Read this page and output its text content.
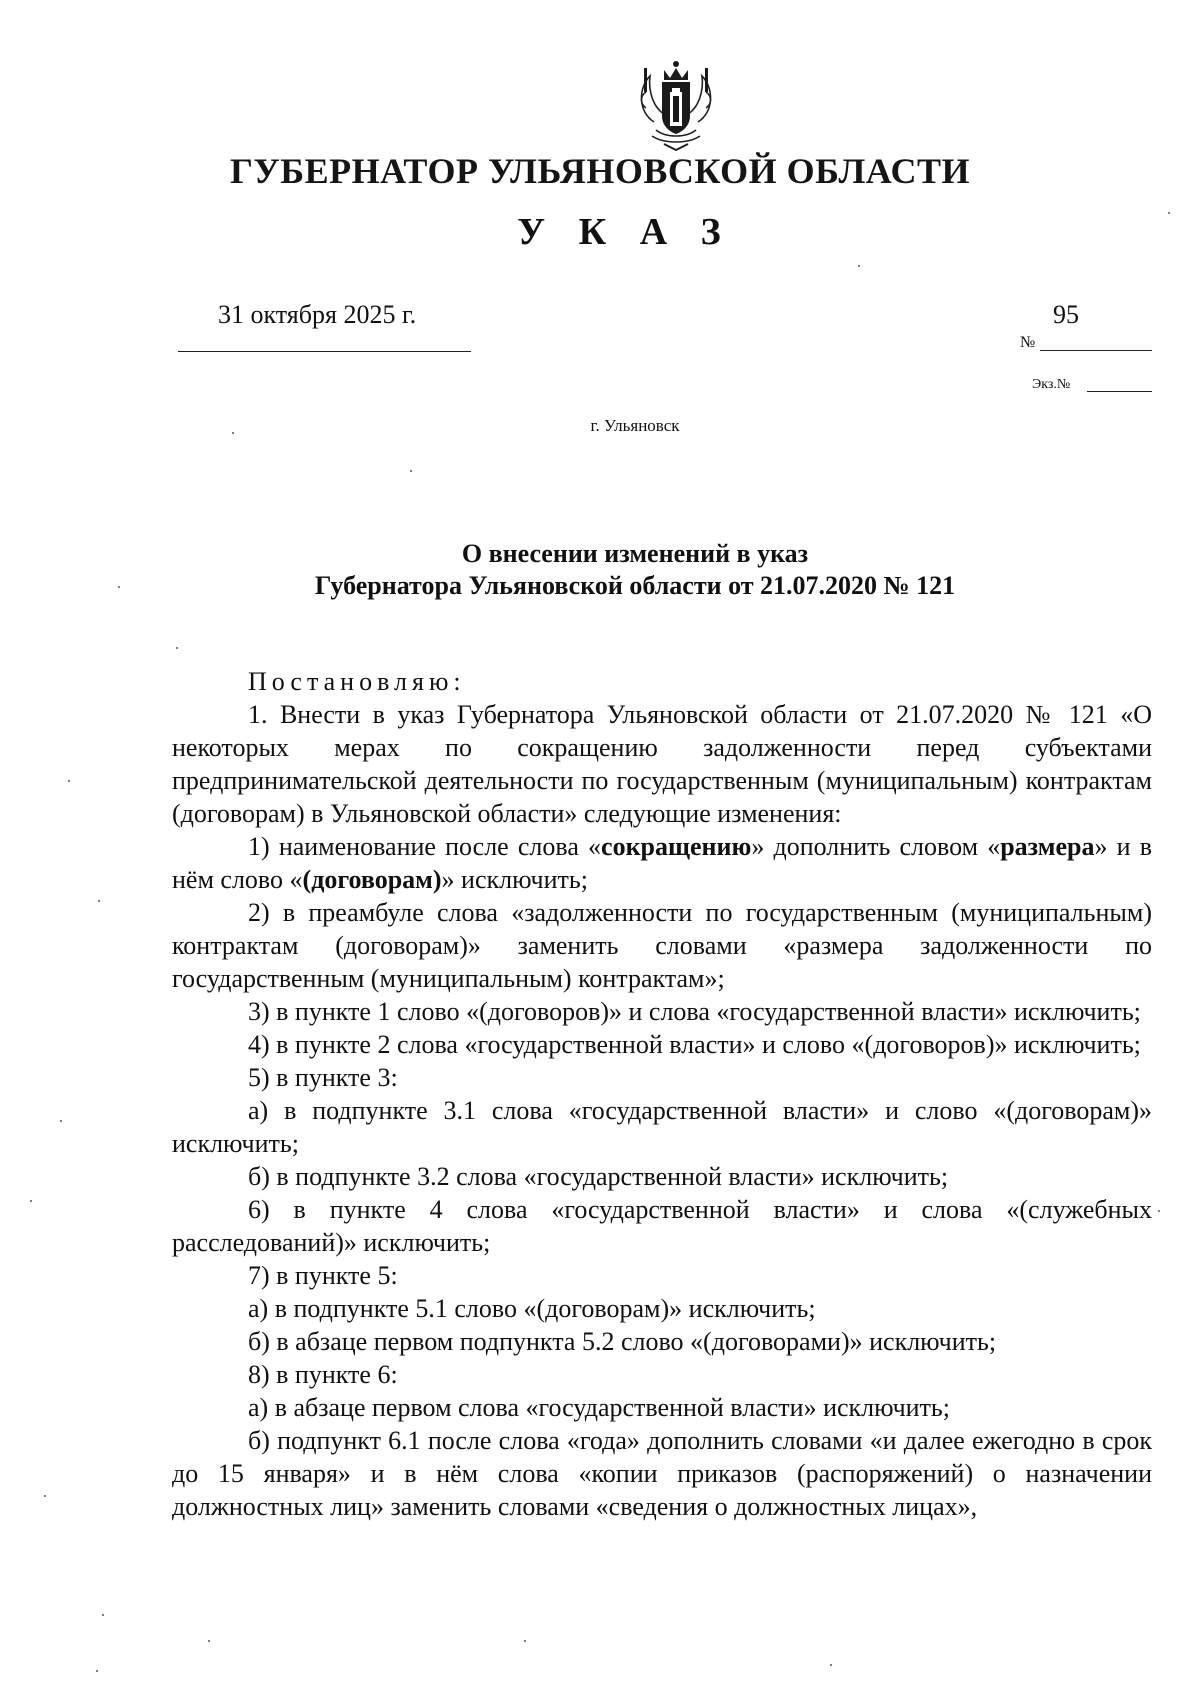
ГУБЕРНАТОР УЛЬЯНОВСКОЙ ОБЛАСТИ
У К А З
31 октября 2025 г.	95
№
Экз.№
г. Ульяновск
О внесении изменений в указ
Губернатора Ульяновской области от 21.07.2020 № 121

Постановляю:

1. Внести в указ Губернатора Ульяновской области от 21.07.2020 № 121 «О некоторых мерах по сокращению задолженности перед субъектами предпринимательской деятельности по государственным (муниципальным) контрактам (договорам) в Ульяновской области» следующие изменения:

1) наименование после слова «сокращению» дополнить словом «размера» и в нём слово «(договорам)» исключить;

2) в преамбуле слова «задолженности по государственным (муниципальным) контрактам (договорам)» заменить словами «размера задолженности по государственным (муниципальным) контрактам»;

3) в пункте 1 слово «(договоров)» и слова «государственной власти» исключить;

4) в пункте 2 слова «государственной власти» и слово «(договоров)» исключить;

5) в пункте 3:

а) в подпункте 3.1 слова «государственной власти» и слово «(договорам)» исключить;

б) в подпункте 3.2 слова «государственной власти» исключить;

6) в пункте 4 слова «государственной власти» и слова «(служебных расследований)» исключить;

7) в пункте 5:

а) в подпункте 5.1 слово «(договорам)» исключить;

б) в абзаце первом подпункта 5.2 слово «(договорами)» исключить;

8) в пункте 6:

а) в абзаце первом слова «государственной власти» исключить;

б) подпункт 6.1 после слова «года» дополнить словами «и далее ежегодно в срок до 15 января» и в нём слова «копии приказов (распоряжений) о назначении должностных лиц» заменить словами «сведения о должностных лицах»,
